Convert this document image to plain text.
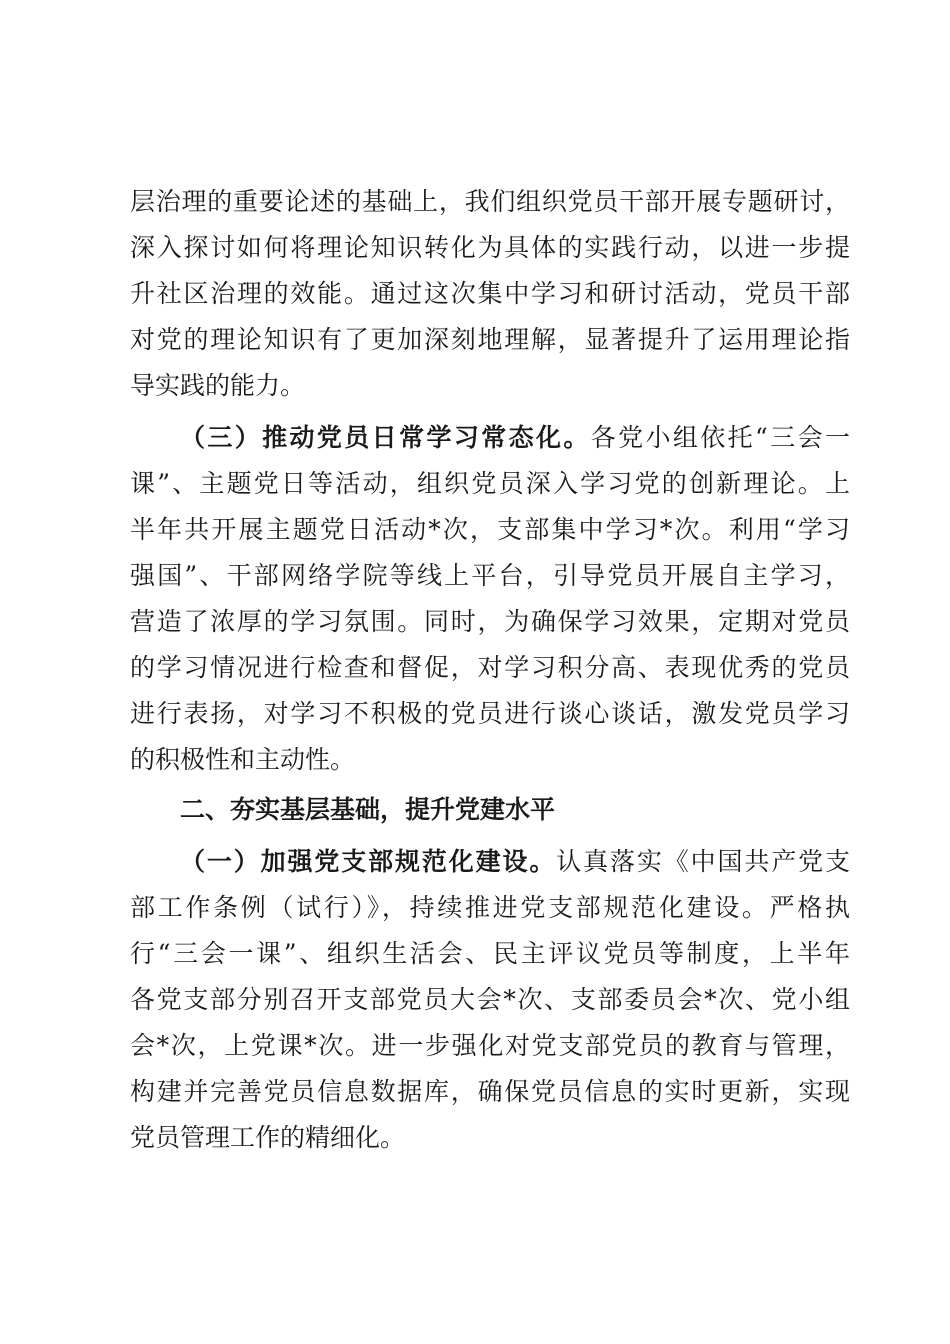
层治理的重要论述的基础上，我们组织党员干部开展专题研讨，
深入探讨如何将理论知识转化为具体的实践行动，以进一步提
升社区治理的效能。通过这次集中学习和研讨活动，党员干部
对党的理论知识有了更加深刻地理解，显著提升了运用理论指
导实践的能力。
（三）推动党员日常学习常态化。各党小组依托“三会一
课”、主题党日等活动，组织党员深入学习党的创新理论。上
半年共开展主题党日活动*次，支部集中学习*次。利用“学习
强国”、干部网络学院等线上平台，引导党员开展自主学习，
营造了浓厚的学习氛围。同时，为确保学习效果，定期对党员
的学习情况进行检查和督促，对学习积分高、表现优秀的党员
进行表扬，对学习不积极的党员进行谈心谈话，激发党员学习
的积极性和主动性。
二、夯实基层基础，提升党建水平
（一）加强党支部规范化建设。认真落实《中国共产党支
部工作条例（试行）》，持续推进党支部规范化建设。严格执
行“三会一课”、组织生活会、民主评议党员等制度，上半年
各党支部分别召开支部党员大会*次、支部委员会*次、党小组
会*次，上党课*次。进一步强化对党支部党员的教育与管理，
构建并完善党员信息数据库，确保党员信息的实时更新，实现
党员管理工作的精细化。
